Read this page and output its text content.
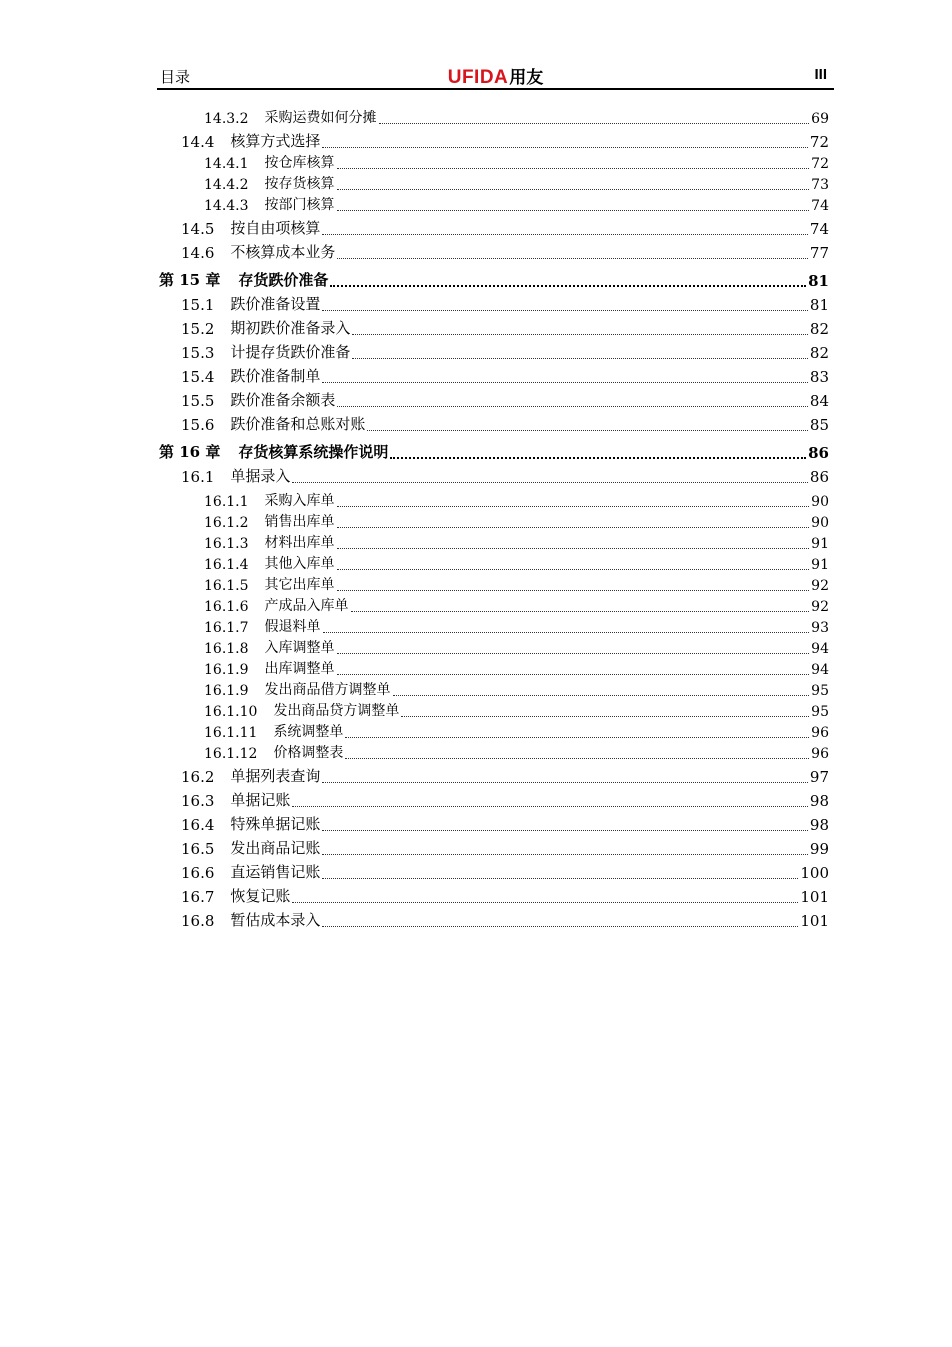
目录	UFIDA用友	III
14.3.2 采购运费如何分摊	69
14.4 核算方式选择	72
14.4.1 按仓库核算	72
14.4.2 按存货核算	73
14.4.3 按部门核算	74
14.5 按自由项核算	74
14.6 不核算成本业务	77
第 15 章 存货跌价准备	81
15.1 跌价准备设置	81
15.2 期初跌价准备录入	82
15.3 计提存货跌价准备	82
15.4 跌价准备制单	83
15.5 跌价准备余额表	84
15.6 跌价准备和总账对账	85
第 16 章 存货核算系统操作说明	86
16.1 单据录入	86
16.1.1 采购入库单	90
16.1.2 销售出库单	90
16.1.3 材料出库单	91
16.1.4 其他入库单	91
16.1.5 其它出库单	92
16.1.6 产成品入库单	92
16.1.7 假退料单	93
16.1.8 入库调整单	94
16.1.9 出库调整单	94
16.1.9 发出商品借方调整单	95
16.1.10 发出商品贷方调整单	95
16.1.11 系统调整单	96
16.1.12 价格调整表	96
16.2 单据列表查询	97
16.3 单据记账	98
16.4 特殊单据记账	98
16.5 发出商品记账	99
16.6 直运销售记账	100
16.7 恢复记账	101
16.8 暂估成本录入	101
